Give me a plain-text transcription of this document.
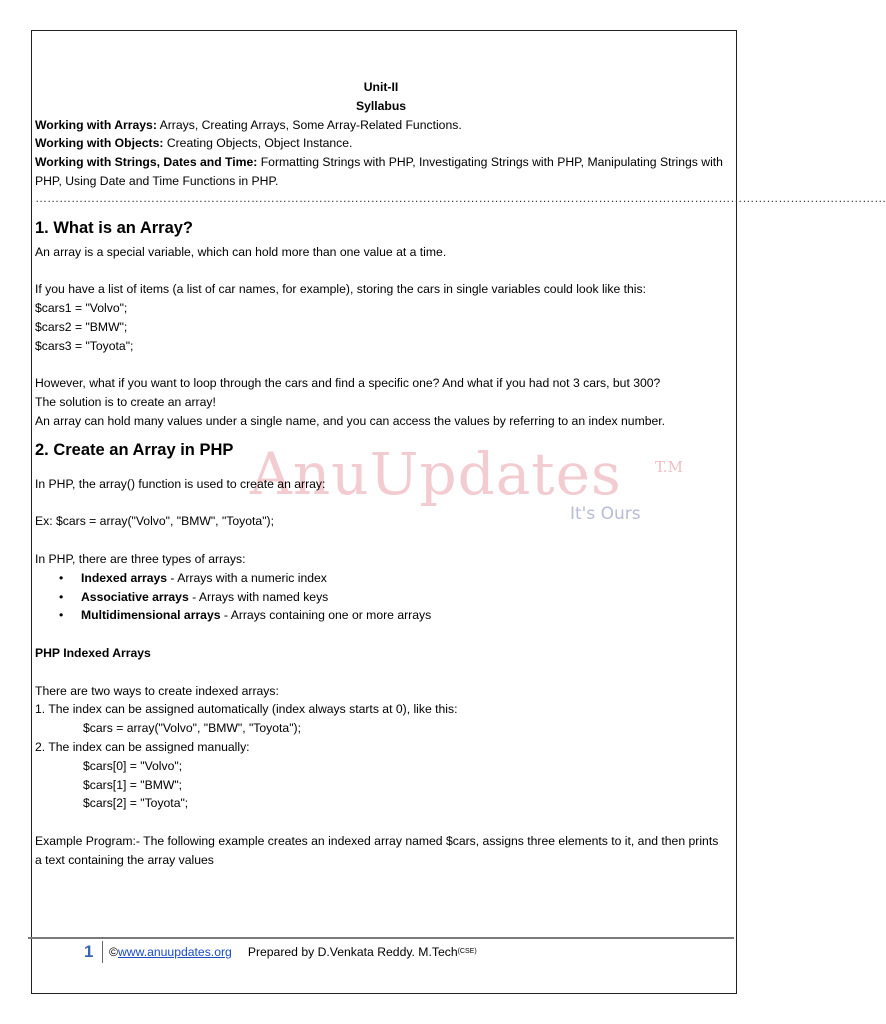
AnuUpdates T.M
It's Ours

Unit-II

Syllabus

Working with Arrays: Arrays, Creating Arrays, Some Array-Related Functions.

Working with Objects: Creating Objects, Object Instance.

Working with Strings, Dates and Time: Formatting Strings with PHP, Investigating Strings with PHP, Manipulating Strings with PHP, Using Date and Time Functions in PHP.

……………………………………………………………………………………………………………………………………………………………………………………………
1. What is an Array?

An array is a special variable, which can hold more than one value at a time.

If you have a list of items (a list of car names, for example), storing the cars in single variables could look like this:

$cars1 = "Volvo";

$cars2 = "BMW";

$cars3 = "Toyota";

However, what if you want to loop through the cars and find a specific one? And what if you had not 3 cars, but 300?

The solution is to create an array!

An array can hold many values under a single name, and you can access the values by referring to an index number.

2. Create an Array in PHP

In PHP, the array() function is used to create an array:

Ex: $cars = array("Volvo", "BMW", "Toyota");

In PHP, there are three types of arrays:

• Indexed arrays - Arrays with a numeric index
• Associative arrays - Arrays with named keys
• Multidimensional arrays - Arrays containing one or more arrays

PHP Indexed Arrays

There are two ways to create indexed arrays:

1. The index can be assigned automatically (index always starts at 0), like this:

$cars = array("Volvo", "BMW", "Toyota");

2. The index can be assigned manually:

$cars[0] = "Volvo";

$cars[1] = "BMW";

$cars[2] = "Toyota";

Example Program:- The following example creates an indexed array named $cars, assigns three elements to it, and then prints a text containing the array values

1	© www.anuupdates.org Prepared by D.Venkata Reddy. M.Tech (CSE)
